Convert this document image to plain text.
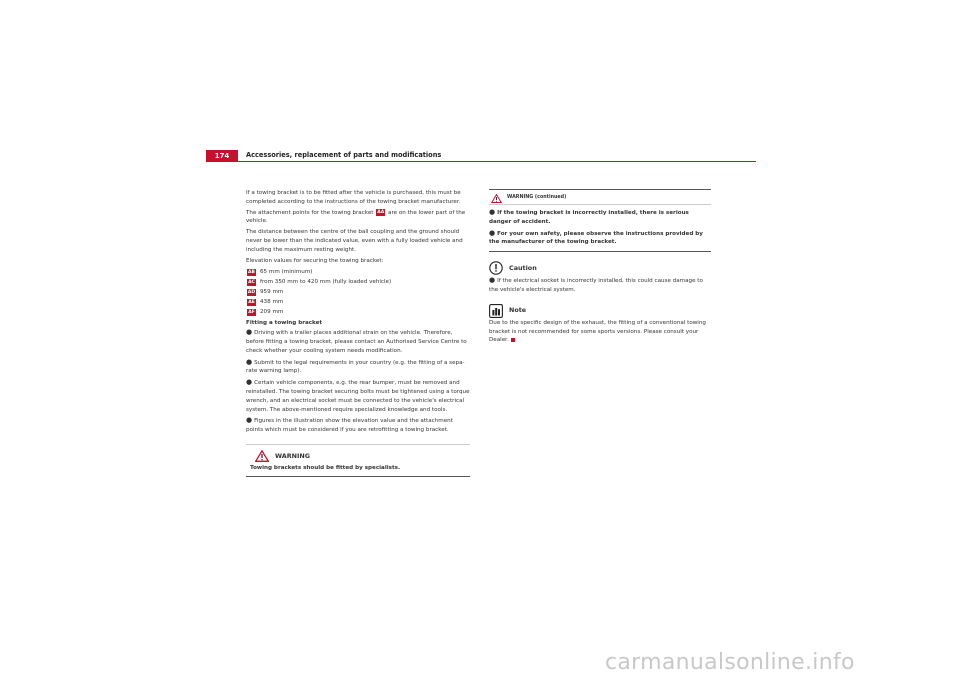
174	Accessories, replacement of parts and modifications

If a towing bracket is to be fitted after the vehicle is purchased, this must be completed according to the instructions of the towing bracket manufacturer.

The attachment points for the towing bracket AA are on the lower part of the vehicle.

The distance between the centre of the ball coupling and the ground should never be lower than the indicated value, even with a fully loaded vehicle and including the maximum resting weight.

Elevation values for securing the towing bracket:

AB 65 mm (minimum)
AC from 350 mm to 420 mm (fully loaded vehicle)
AD 959 mm
AE 438 mm
AF 209 mm
Fitting a towing bracket

● Driving with a trailer places additional strain on the vehicle. Therefore, before fitting a towing bracket, please contact an Authorised Service Centre to check whether your cooling system needs modification.

● Submit to the legal requirements in your country (e.g. the fitting of a sepa-rate warning lamp).

● Certain vehicle components, e.g. the rear bumper, must be removed and reinstalled. The towing bracket securing bolts must be tightened using a torque wrench, and an electrical socket must be connected to the vehicle's electrical system. The above-mentioned require specialized knowledge and tools.

● Figures in the illustration show the elevation value and the attachment points which must be considered if you are retrofitting a towing bracket.

WARNING
Towing brackets should be fitted by specialists.
WARNING (continued)

● If the towing bracket is incorrectly installed, there is serious danger of accident.

● For your own safety, please observe the instructions provided by the manufacturer of the towing bracket.

Caution

● If the electrical socket is incorrectly installed, this could cause damage to the vehicle's electrical system.

Note

Due to the specific design of the exhaust, the fitting of a conventional towing bracket is not recommended for some sports versions. Please consult your Dealer.

carmanualsonline.info
